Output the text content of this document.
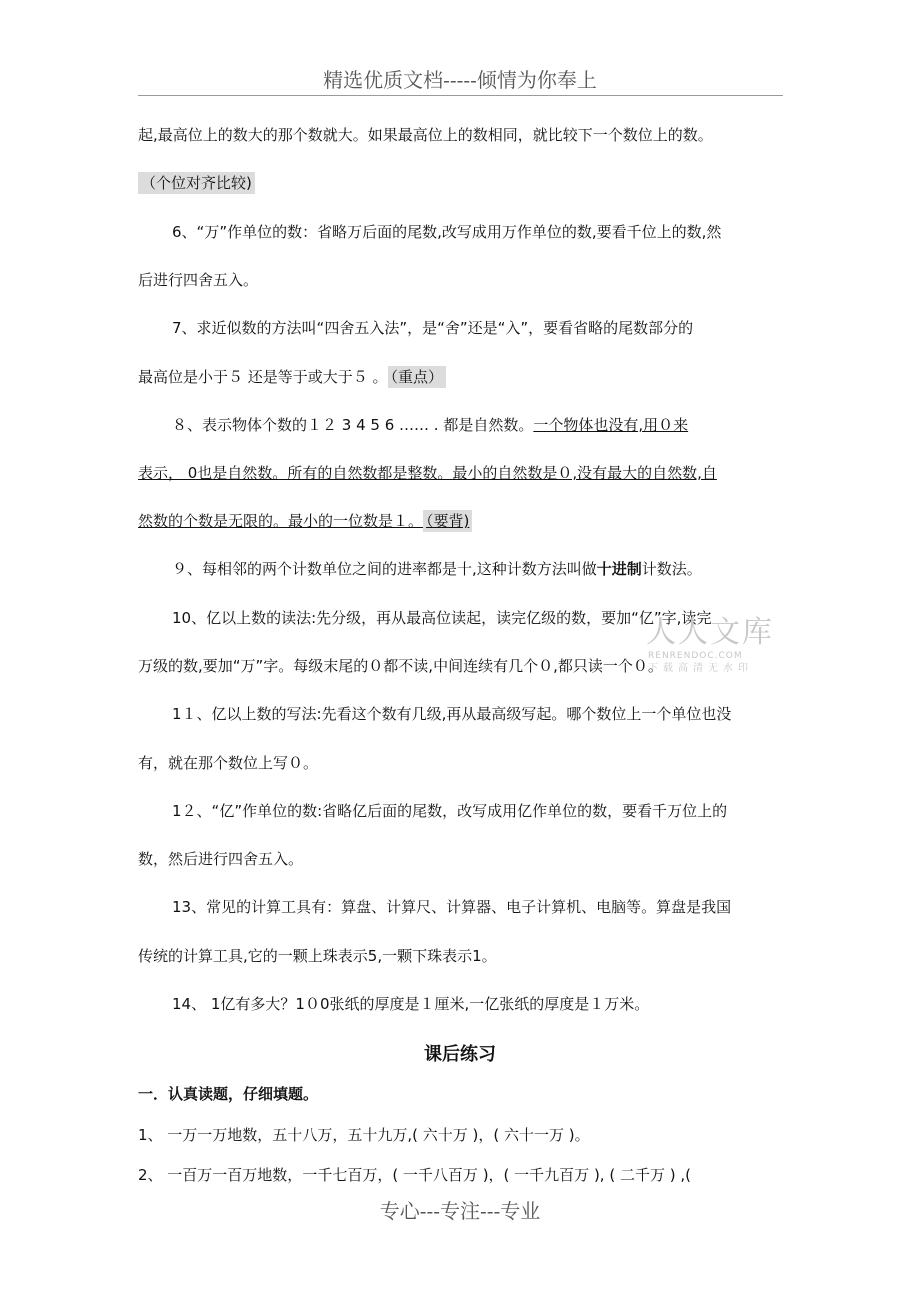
精选优质文档-----倾情为你奉上
起,最高位上的数大的那个数就大。如果最高位上的数相同，就比较下一个数位上的数。
（个位对齐比较)
6、“万”作单位的数：省略万后面的尾数,改写成用万作单位的数,要看千位上的数,然
后进行四舍五入。
7、求近似数的方法叫“四舍五入法”，是“舍”还是“入”，要看省略的尾数部分的
最高位是小于５ 还是等于或大于５ 。 （重点）
８、表示物体个数的１２ 3 4 5 6 …… . 都是自然数。一个物体也没有,用０来
表示， 0也是自然数。所有的自然数都是整数。最小的自然数是０,没有最大的自然数,自
然数的个数是无限的。最小的一位数是１。 （要背)
９、每相邻的两个计数单位之间的进率都是十,这种计数方法叫做十进制计数法。
10、亿以上数的读法:先分级，再从最高位读起，读完亿级的数，要加“亿”字,读完
万级的数,要加“万”字。每级末尾的０都不读,中间连续有几个０,都只读一个０。
1１、亿以上数的写法:先看这个数有几级,再从最高级写起。哪个数位上一个单位也没
有，就在那个数位上写０。
1２、“亿”作单位的数:省略亿后面的尾数，改写成用亿作单位的数，要看千万位上的
数，然后进行四舍五入。
13、常见的计算工具有：算盘、计算尺、计算器、电子计算机、电脑等。算盘是我国
传统的计算工具,它的一颗上珠表示5,一颗下珠表示1。
14、 1亿有多大？1０0张纸的厚度是１厘米,一亿张纸的厚度是１万米。
课后练习
一．认真读题，仔细填题。
1、 一万一万地数，五十八万，五十九万,( 六十万 )，( 六十一万 )。
2、 一百万一百万地数，一千七百万，( 一千八百万 )，( 一千九百万 ), ( 二千万 ) ,(
人人文库
RENRENDOC.COM
下载高清无水印
专心---专注---专业
